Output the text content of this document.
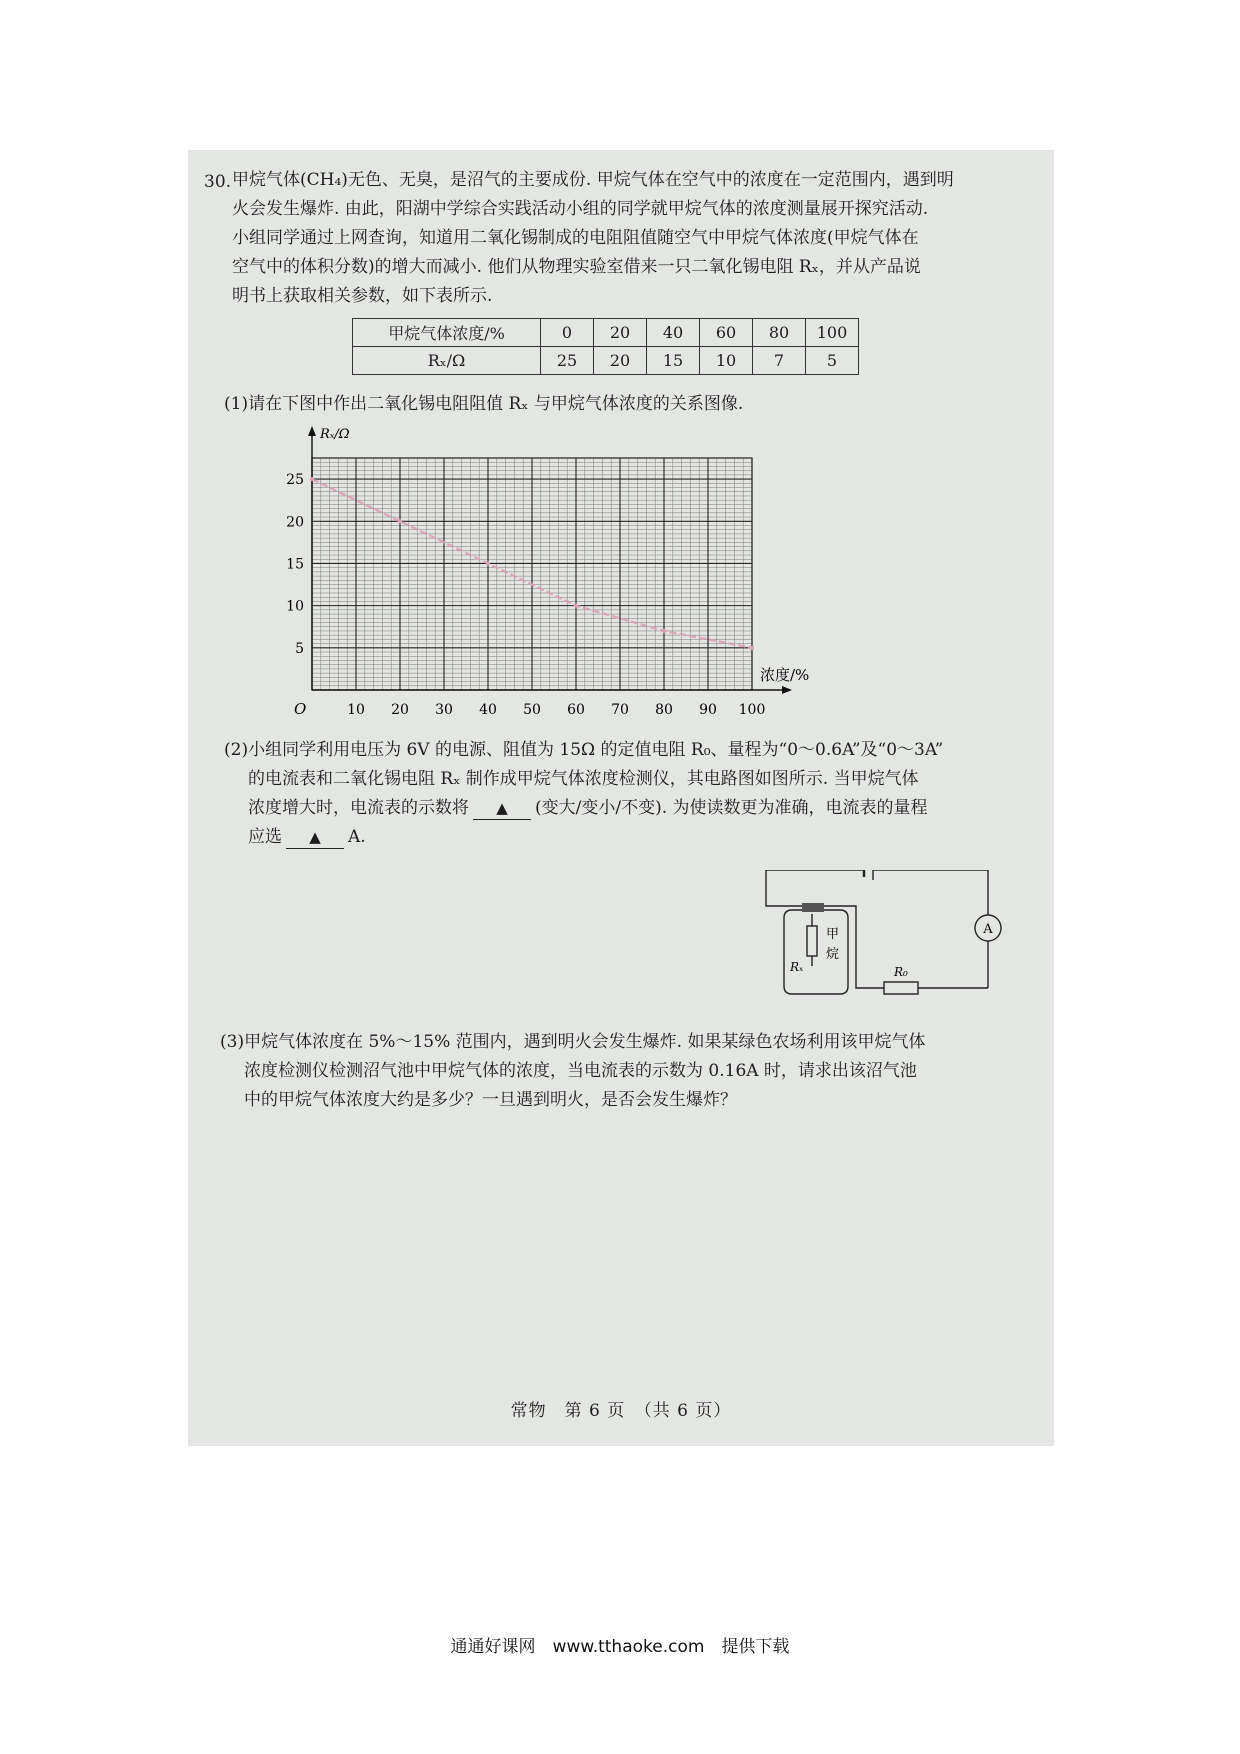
30. 甲烷气体(CH₄)无色、无臭，是沼气的主要成份. 甲烷气体在空气中的浓度在一定范围内，遇到明

火会发生爆炸. 由此，阳湖中学综合实践活动小组的同学就甲烷气体的浓度测量展开探究活动.

小组同学通过上网查询，知道用二氧化锡制成的电阻阻值随空气中甲烷气体浓度(甲烷气体在

空气中的体积分数)的增大而减小. 他们从物理实验室借来一只二氧化锡电阻 Rₓ，并从产品说

明书上获取相关参数，如下表所示.

甲烷气体浓度/%	0	20	40	60	80	100
Rₓ/Ω	25	20	15	10	7	5

(1)请在下图中作出二氧化锡电阻阻值 Rₓ 与甲烷气体浓度的关系图像.

10 20 30 40 50 60 70 80 90 100
5
10
15
20
25
Rₓ/Ω
浓度/%
O

(2)小组同学利用电压为 6V 的电源、阻值为 15Ω 的定值电阻 R₀、量程为“0～0.6A”及“0～3A”

的电流表和二氧化锡电阻 Rₓ 制作成甲烷气体浓度检测仪，其电路图如图所示. 当甲烷气体

浓度增大时，电流表的示数将 ▲ (变大/变小/不变). 为使读数更为准确，电流表的量程

应选 ▲ A.

A
Rₓ
甲
烷
R₀

(3)甲烷气体浓度在 5%～15% 范围内，遇到明火会发生爆炸. 如果某绿色农场利用该甲烷气体

浓度检测仪检测沼气池中甲烷气体的浓度，当电流表的示数为 0.16A 时，请求出该沼气池

中的甲烷气体浓度大约是多少？一旦遇到明火，是否会发生爆炸？

常物　第 6 页　（共 6 页）
通通好课网　www.tthaoke.com　提供下载
